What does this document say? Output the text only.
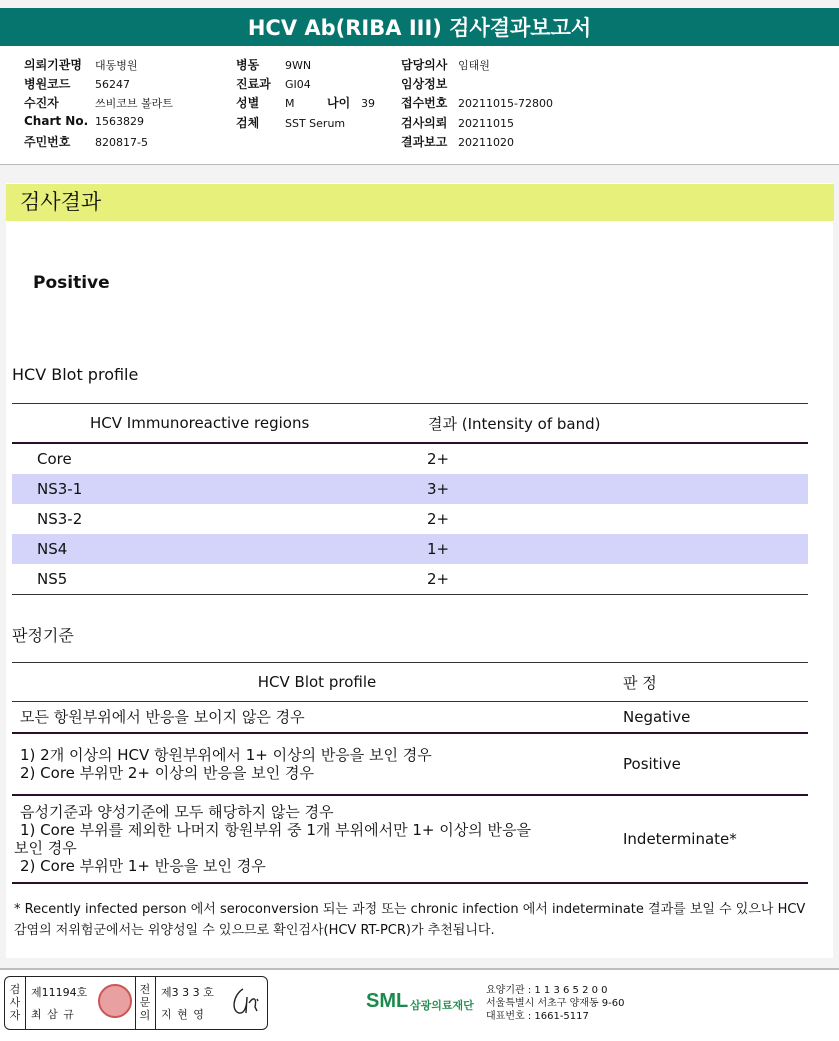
HCV Ab(RIBA III) 검사결과보고서
의뢰기관명 대동병원
병원코드 56247
수진자	쓰비코브 볼라트
Chart No. 1563829
주민번호 820817-5
병동 9WN
진료과 GI04
성별 M
검체 SST Serum
나이 39
담당의사 임태원
임상정보
접수번호 20211015-72800
검사의뢰 20211015
결과보고 20211020
검사결과
Positive
HCV Blot profile
HCV Immunoreactive regions	결과 (Intensity of band)
Core	2+
NS3-1	3+
NS3-2	2+
NS4	1+
NS5	2+
판정기준
HCV Blot profile	판 정

모든 항원부위에서 반응을 보이지 않은 경우	Negative

1) 2개 이상의 HCV 항원부위에서 1+ 이상의 반응을 보인 경우
2) Core 부위만 2+ 이상의 반응을 보인 경우	Positive

음성기준과 양성기준에 모두 해당하지 않는 경우
1) Core 부위를 제외한 나머지 항원부위 중 1개 부위에서만 1+ 이상의 반응을
보인 경우
2) Core 부위만 1+ 반응을 보인 경우	Indeterminate*
* Recently infected person 에서 seroconversion 되는 과정 또는 chronic infection 에서 indeterminate 결과를 보일 수 있으나 HCV 감염의 저위험군에서는 위양성일 수 있으므로 확인검사(HCV RT-PCR)가 추천됩니다.
검사자
제11194호
최 삼 규
전문의
제3 3 3 호
지 현 영
SML 삼광의료재단
요양기관 : 1 1 3 6 5 2 0 0
서울특별시 서초구 양재동 9-60
대표번호 : 1661-5117
